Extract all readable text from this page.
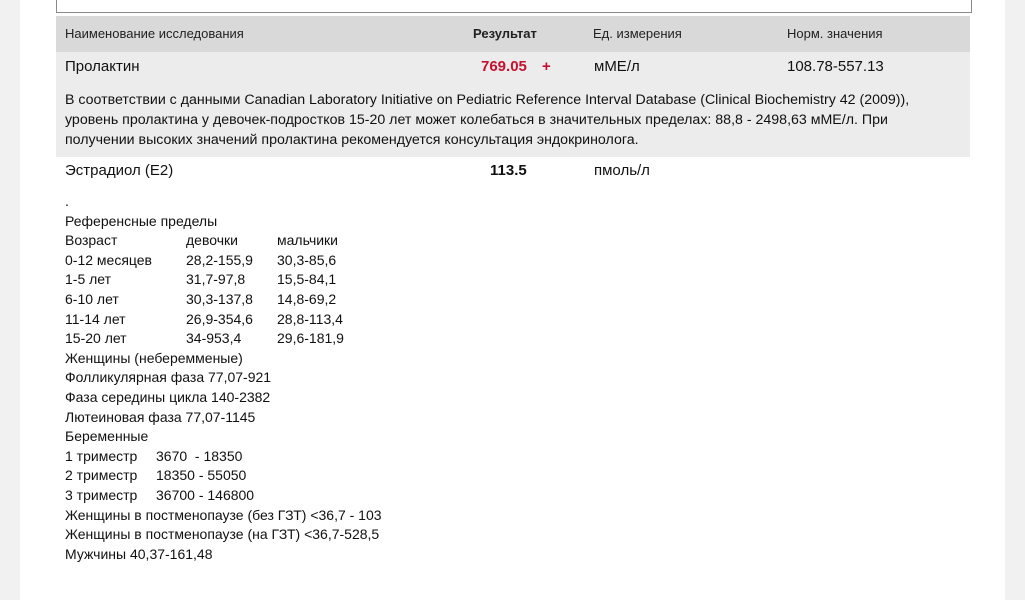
Наименование исследования	Результат	Ед. измерения	Норм. значения
Пролактин	769.05 +	мМЕ/л	108.78-557.13
В соответствии с данными Canadian Laboratory Initiative on Pediatric Reference Interval Database (Clinical Biochemistry 42 (2009)), уровень пролактина у девочек-подростков 15-20 лет может колебаться в значительных пределах: 88,8 - 2498,63 мМЕ/л. При получении высоких значений пролактина рекомендуется консультация эндокринолога.
Эстрадиол (Е2)	113.5	пмоль/л
.
Референсные пределы
Возраст	девочки	мальчики
0-12 месяцев 28,2-155,9 30,3-85,6
1-5 лет	31,7-97,8 15,5-84,1
6-10 лет	30,3-137,8 14,8-69,2
11-14 лет	26,9-354,6 28,8-113,4
15-20 лет	34-953,4	29,6-181,9
Женщины (неберемменые)
Фолликулярная фаза 77,07-921
Фаза середины цикла 140-2382
Лютеиновая фаза 77,07-1145
Беременные
1 триместр 3670  - 18350
2 триместр 18350 - 55050
3 триместр 36700 - 146800
Женщины в постменопаузе (без ГЗТ) <36,7 - 103
Женщины в постменопаузе (на ГЗТ) <36,7-528,5
Мужчины 40,37-161,48
